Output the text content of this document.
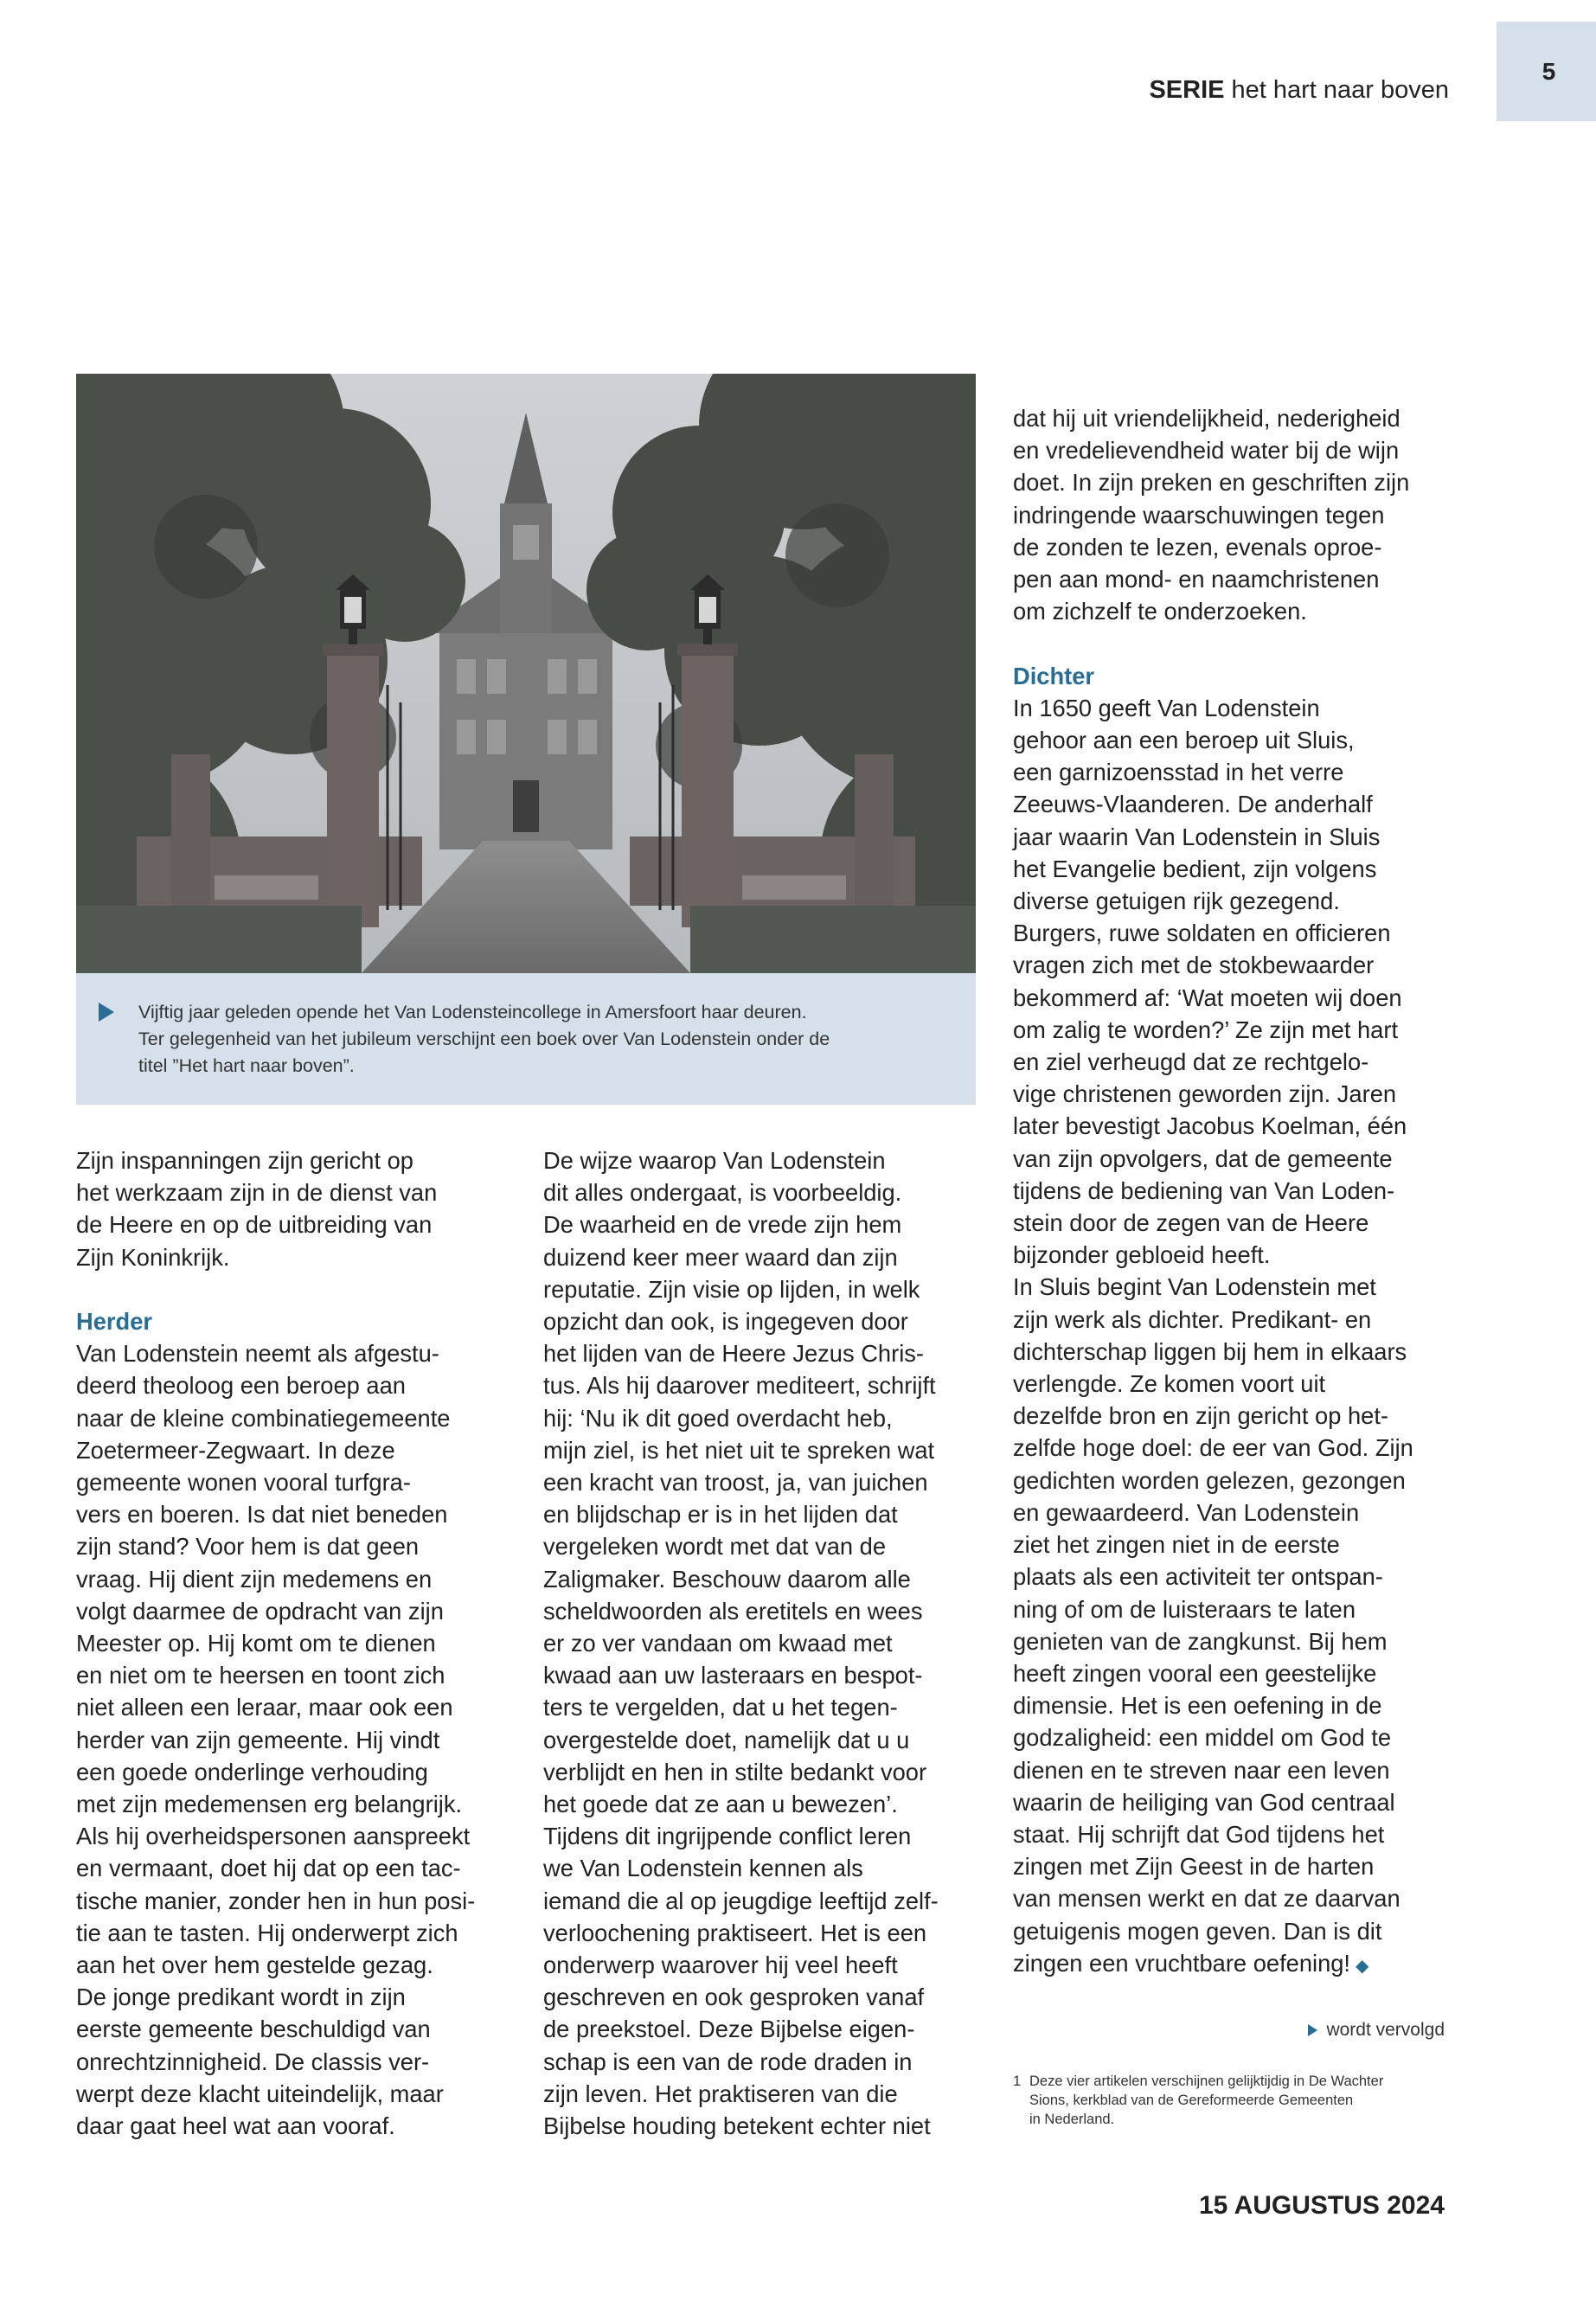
SERIE het hart naar boven
5
Vijftig jaar geleden opende het Van Lodensteincollege in Amersfoort haar deuren.
Ter gelegenheid van het jubileum verschijnt een boek over Van Lodenstein onder de
titel ”Het hart naar boven”.

Zijn inspanningen zijn gericht op

het werkzaam zijn in de dienst van

de Heere en op de uitbreiding van

Zijn Koninkrijk.

Herder

Van Lodenstein neemt als afgestu-

deerd theoloog een beroep aan

naar de kleine combinatiegemeente

Zoetermeer-Zegwaart. In deze

gemeente wonen vooral turfgra-

vers en boeren. Is dat niet beneden

zijn stand? Voor hem is dat geen

vraag. Hij dient zijn medemens en

volgt daarmee de opdracht van zijn

Meester op. Hij komt om te dienen

en niet om te heersen en toont zich

niet alleen een leraar, maar ook een

herder van zijn gemeente. Hij vindt

een goede onderlinge verhouding

met zijn medemensen erg belangrijk.

Als hij overheidspersonen aanspreekt

en vermaant, doet hij dat op een tac-

tische manier, zonder hen in hun posi-

tie aan te tasten. Hij onderwerpt zich

aan het over hem gestelde gezag.

De jonge predikant wordt in zijn

eerste gemeente beschuldigd van

onrechtzinnigheid. De classis ver-

werpt deze klacht uiteindelijk, maar

daar gaat heel wat aan vooraf.

De wijze waarop Van Lodenstein

dit alles ondergaat, is voorbeeldig.

De waarheid en de vrede zijn hem

duizend keer meer waard dan zijn

reputatie. Zijn visie op lijden, in welk

opzicht dan ook, is ingegeven door

het lijden van de Heere Jezus Chris-

tus. Als hij daarover mediteert, schrijft

hij: ‘Nu ik dit goed overdacht heb,

mijn ziel, is het niet uit te spreken wat

een kracht van troost, ja, van juichen

en blijdschap er is in het lijden dat

vergeleken wordt met dat van de

Zaligmaker. Beschouw daarom alle

scheldwoorden als eretitels en wees

er zo ver vandaan om kwaad met

kwaad aan uw lasteraars en bespot-

ters te vergelden, dat u het tegen-

overgestelde doet, namelijk dat u u

verblijdt en hen in stilte bedankt voor

het goede dat ze aan u bewezen’.

Tijdens dit ingrijpende conflict leren

we Van Lodenstein kennen als

iemand die al op jeugdige leeftijd zelf-

verloochening praktiseert. Het is een

onderwerp waarover hij veel heeft

geschreven en ook gesproken vanaf

de preekstoel. Deze Bijbelse eigen-

schap is een van de rode draden in

zijn leven. Het praktiseren van die

Bijbelse houding betekent echter niet

dat hij uit vriendelijkheid, nederigheid

en vredelievendheid water bij de wijn

doet. In zijn preken en geschriften zijn

indringende waarschuwingen tegen

de zonden te lezen, evenals oproe-

pen aan mond- en naamchristenen

om zichzelf te onderzoeken.

Dichter

In 1650 geeft Van Lodenstein

gehoor aan een beroep uit Sluis,

een garnizoensstad in het verre

Zeeuws-Vlaanderen. De anderhalf

jaar waarin Van Lodenstein in Sluis

het Evangelie bedient, zijn volgens

diverse getuigen rijk gezegend.

Burgers, ruwe soldaten en officieren

vragen zich met de stokbewaarder

bekommerd af: ‘Wat moeten wij doen

om zalig te worden?’ Ze zijn met hart

en ziel verheugd dat ze rechtgelo-

vige christenen geworden zijn. Jaren

later bevestigt Jacobus Koelman, één

van zijn opvolgers, dat de gemeente

tijdens de bediening van Van Loden-

stein door de zegen van de Heere

bijzonder gebloeid heeft.

In Sluis begint Van Lodenstein met

zijn werk als dichter. Predikant- en

dichterschap liggen bij hem in elkaars

verlengde. Ze komen voort uit

dezelfde bron en zijn gericht op het-

zelfde hoge doel: de eer van God. Zijn

gedichten worden gelezen, gezongen

en gewaardeerd. Van Lodenstein

ziet het zingen niet in de eerste

plaats als een activiteit ter ontspan-

ning of om de luisteraars te laten

genieten van de zangkunst. Bij hem

heeft zingen vooral een geestelijke

dimensie. Het is een oefening in de

godzaligheid: een middel om God te

dienen en te streven naar een leven

waarin de heiliging van God centraal

staat. Hij schrijft dat God tijdens het

zingen met Zijn Geest in de harten

van mensen werkt en dat ze daarvan

getuigenis mogen geven. Dan is dit

zingen een vruchtbare oefening! ◆

wordt vervolgd
1 Deze vier artikelen verschijnen gelijktijdig in De Wachter
Sions, kerkblad van de Gereformeerde Gemeenten
in Nederland.
15 AUGUSTUS 2024
